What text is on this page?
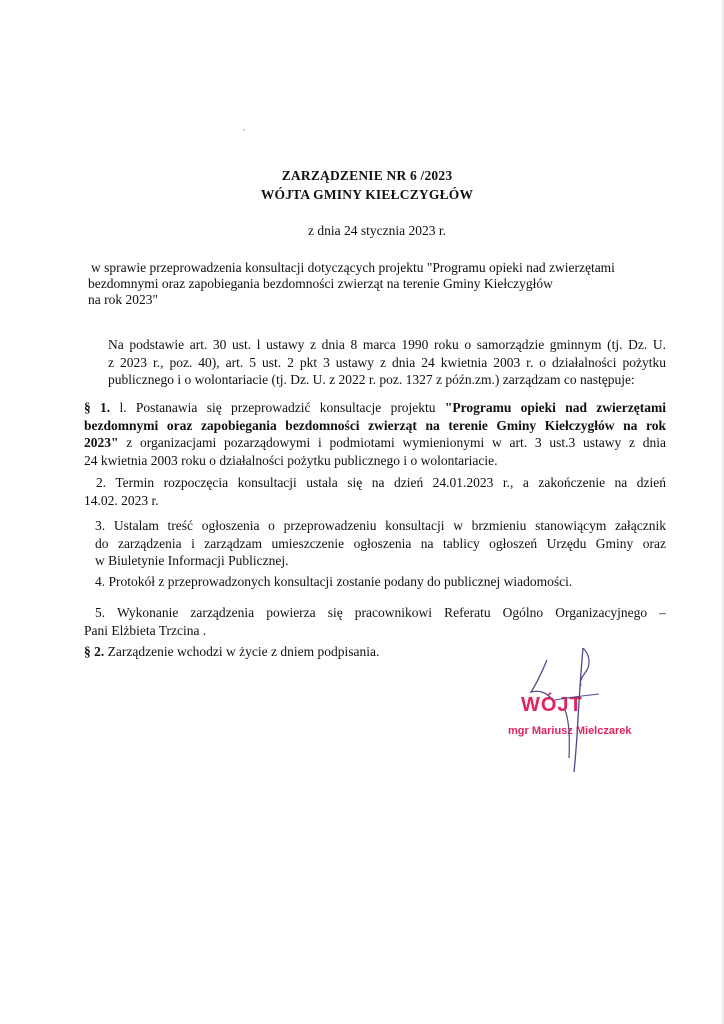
ZARZĄDZENIE NR 6 /2023
WÓJTA GMINY KIEŁCZYGŁÓW
z dnia 24 stycznia 2023 r.
w sprawie przeprowadzenia konsultacji dotyczących projektu "Programu opieki nad zwierzętami
bezdomnymi oraz zapobiegania bezdomności zwierząt na terenie Gminy Kiełczygłów
na rok 2023"
Na podstawie art. 30 ust. l ustawy z dnia 8 marca 1990 roku o samorządzie gminnym (tj. Dz. U.
z 2023 r., poz. 40), art. 5 ust. 2 pkt 3 ustawy z dnia 24 kwietnia 2003 r. o działalności pożytku
publicznego i o wolontariacie (tj. Dz. U. z 2022 r. poz. 1327 z późn.zm.) zarządzam co następuje:
§ 1. l. Postanawia się przeprowadzić konsultacje projektu "Programu opieki nad zwierzętami
bezdomnymi oraz zapobiegania bezdomności zwierząt na terenie Gminy Kiełczygłów na rok
2023" z organizacjami pozarządowymi i podmiotami wymienionymi w art. 3 ust.3 ustawy z dnia
24 kwietnia 2003 roku o działalności pożytku publicznego i o wolontariacie.
2. Termin rozpoczęcia konsultacji ustala się na dzień 24.01.2023 r., a zakończenie na dzień
14.02. 2023 r.
3. Ustalam treść ogłoszenia o przeprowadzeniu konsultacji w brzmieniu stanowiącym załącznik
do zarządzenia i zarządzam umieszczenie ogłoszenia na tablicy ogłoszeń Urzędu Gminy oraz
w Biuletynie Informacji Publicznej.
4. Protokół z przeprowadzonych konsultacji zostanie podany do publicznej wiadomości.
5. Wykonanie zarządzenia powierza się pracownikowi Referatu Ogólno Organizacyjnego –
Pani Elżbieta Trzcina .
§ 2. Zarządzenie wchodzi w życie z dniem podpisania.
WÓJT
mgr Mariusz Mielczarek
